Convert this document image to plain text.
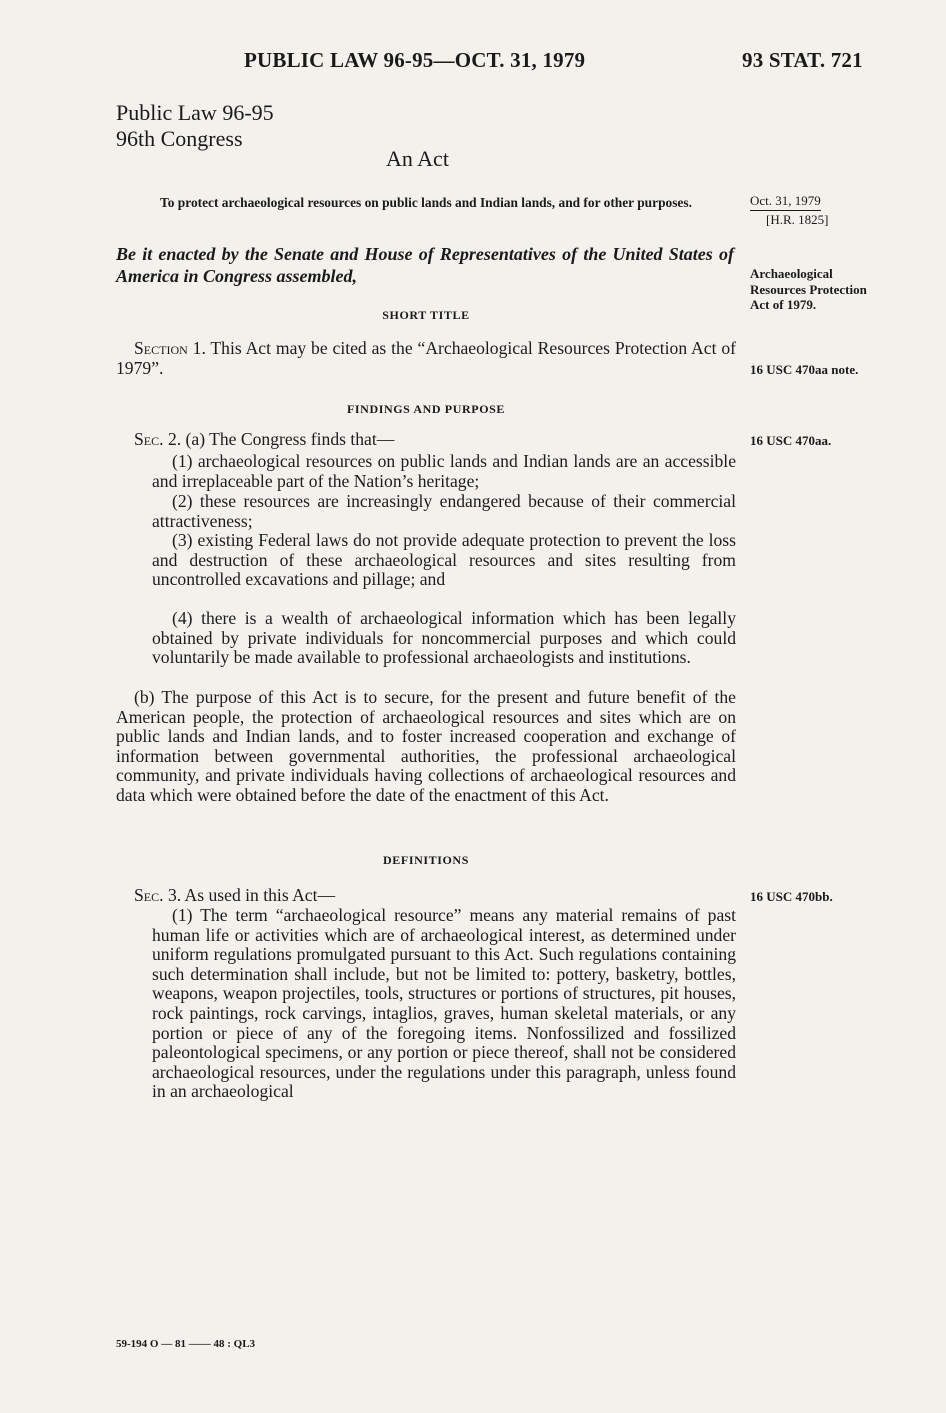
PUBLIC LAW 96-95—OCT. 31, 1979	93 STAT. 721
Public Law 96-95
96th Congress
An Act
To protect archaeological resources on public lands and Indian lands, and for other purposes.
Be it enacted by the Senate and House of Representatives of the United States of America in Congress assembled,
SHORT TITLE
Section 1. This Act may be cited as the “Archaeological Resources Protection Act of 1979”.
FINDINGS AND PURPOSE
Sec. 2. (a) The Congress finds that—
(1) archaeological resources on public lands and Indian lands are an accessible and irreplaceable part of the Nation’s heritage;
(2) these resources are increasingly endangered because of their commercial attractiveness;
(3) existing Federal laws do not provide adequate protection to prevent the loss and destruction of these archaeological resources and sites resulting from uncontrolled excavations and pillage; and
(4) there is a wealth of archaeological information which has been legally obtained by private individuals for noncommercial purposes and which could voluntarily be made available to professional archaeologists and institutions.
(b) The purpose of this Act is to secure, for the present and future benefit of the American people, the protection of archaeological resources and sites which are on public lands and Indian lands, and to foster increased cooperation and exchange of information between governmental authorities, the professional archaeological community, and private individuals having collections of archaeological resources and data which were obtained before the date of the enactment of this Act.
DEFINITIONS
Sec. 3. As used in this Act—
(1) The term “archaeological resource” means any material remains of past human life or activities which are of archaeological interest, as determined under uniform regulations promulgated pursuant to this Act. Such regulations containing such determination shall include, but not be limited to: pottery, basketry, bottles, weapons, weapon projectiles, tools, structures or portions of structures, pit houses, rock paintings, rock carvings, intaglios, graves, human skeletal materials, or any portion or piece of any of the foregoing items. Nonfossilized and fossilized paleontological specimens, or any portion or piece thereof, shall not be considered archaeological resources, under the regulations under this paragraph, unless found in an archaeological
Oct. 31, 1979
[H.R. 1825]
Archaeological Resources Protection Act of 1979.
16 USC 470aa note.
16 USC 470aa.
16 USC 470bb.
59-194 O — 81 —— 48 : QL3
